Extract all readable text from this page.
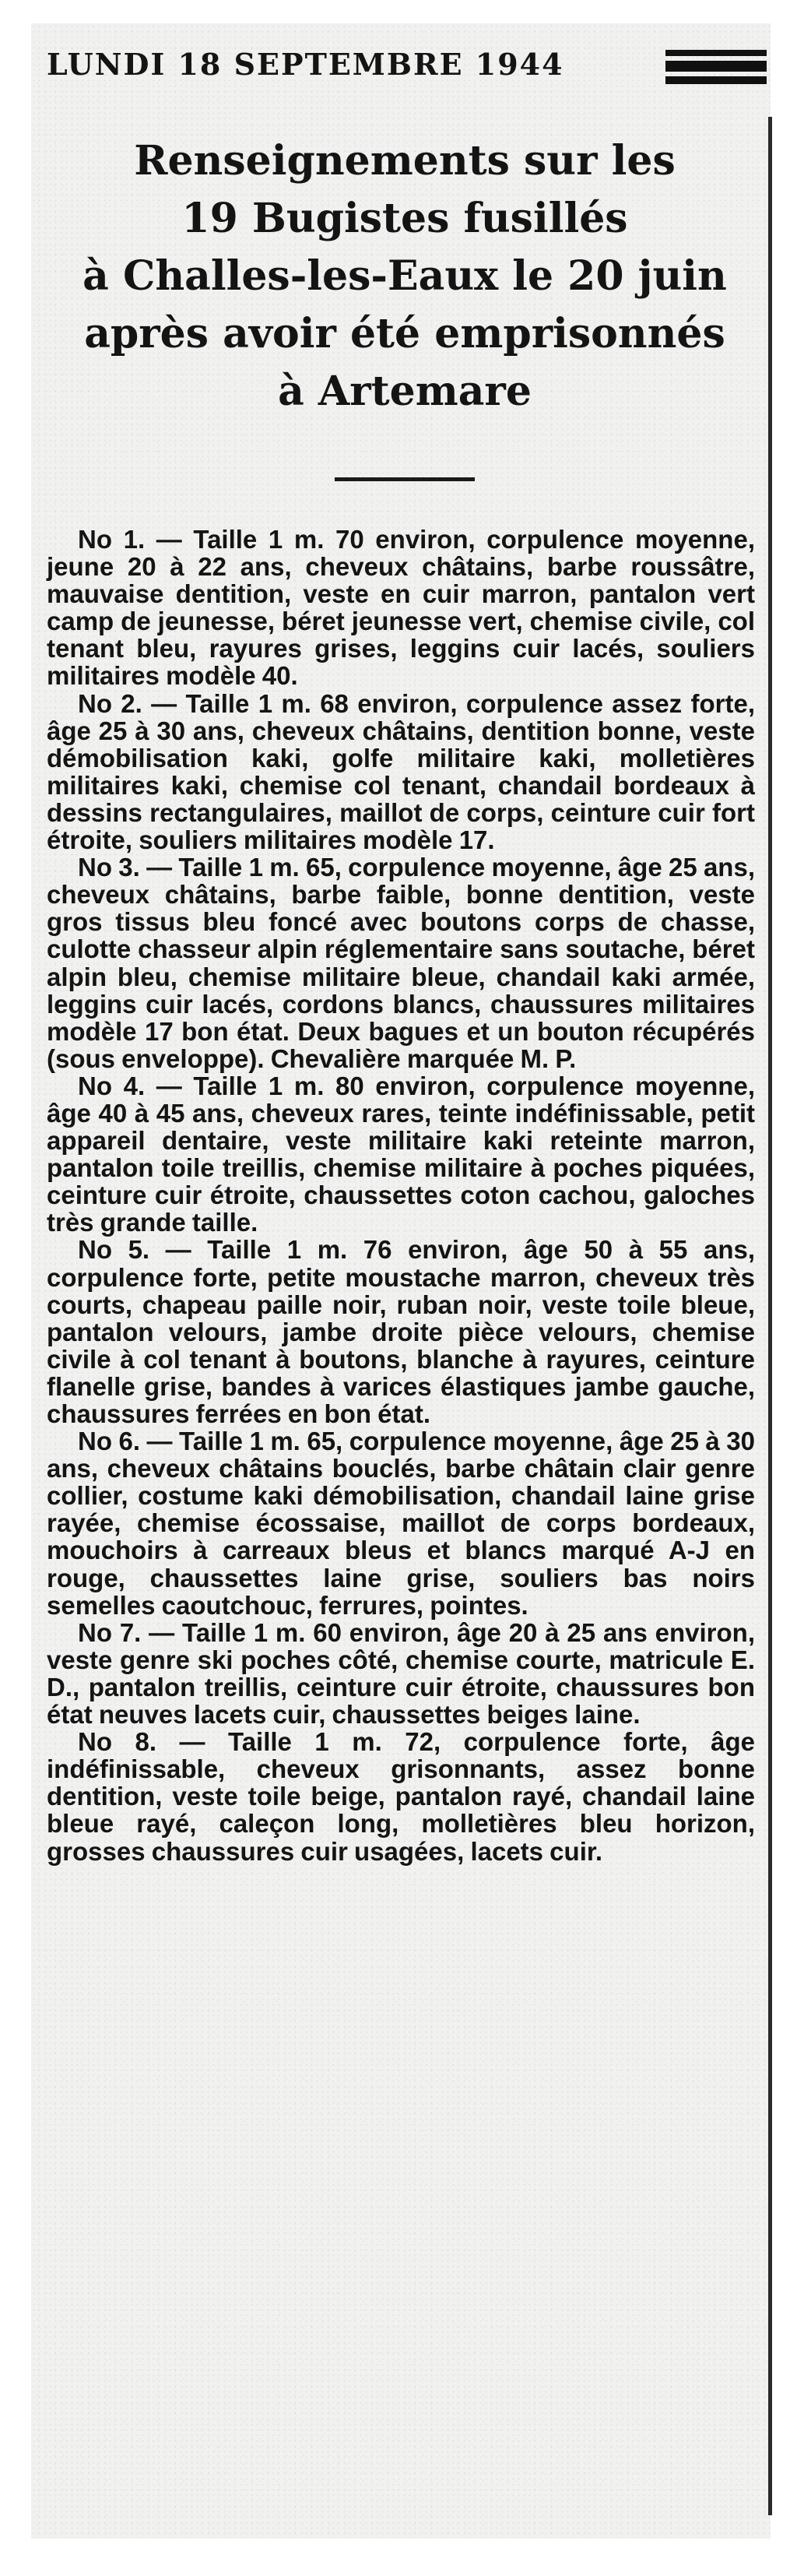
LUNDI 18 SEPTEMBRE 1944
Renseignements sur les
19 Bugistes fusillés
à Challes-les-Eaux le 20 juin
après avoir été emprisonnés
à Artemare

No 1. — Taille 1 m. 70 environ, corpulence moyenne, jeune 20 à 22 ans, cheveux châtains, barbe roussâtre, mauvaise dentition, veste en cuir marron, pantalon vert camp de jeunesse, béret jeunesse vert, chemise civile, col tenant bleu, rayures grises, leggins cuir lacés, souliers militaires modèle 40.

No 2. — Taille 1 m. 68 environ, corpulence assez forte, âge 25 à 30 ans, cheveux châtains, dentition bonne, veste démobilisation kaki, golfe militaire kaki, molletières militaires kaki, chemise col tenant, chandail bordeaux à dessins rectangulaires, maillot de corps, ceinture cuir fort étroite, souliers militaires modèle 17.

No 3. — Taille 1 m. 65, corpulence moyenne, âge 25 ans, cheveux châtains, barbe faible, bonne dentition, veste gros tissus bleu foncé avec boutons corps de chasse, culotte chasseur alpin réglementaire sans soutache, béret alpin bleu, chemise militaire bleue, chandail kaki armée, leggins cuir lacés, cordons blancs, chaussures militaires modèle 17 bon état. Deux bagues et un bouton récupérés (sous enveloppe). Chevalière marquée M. P.

No 4. — Taille 1 m. 80 environ, corpulence moyenne, âge 40 à 45 ans, cheveux rares, teinte indéfinissable, petit appareil dentaire, veste militaire kaki reteinte marron, pantalon toile treillis, chemise militaire à poches piquées, ceinture cuir étroite, chaussettes coton cachou, galoches très grande taille.

No 5. — Taille 1 m. 76 environ, âge 50 à 55 ans, corpulence forte, petite moustache marron, cheveux très courts, chapeau paille noir, ruban noir, veste toile bleue, pantalon velours, jambe droite pièce velours, chemise civile à col tenant à boutons, blanche à rayures, ceinture flanelle grise, bandes à varices élastiques jambe gauche, chaussures ferrées en bon état.

No 6. — Taille 1 m. 65, corpulence moyenne, âge 25 à 30 ans, cheveux châtains bouclés, barbe châtain clair genre collier, costume kaki démobilisation, chandail laine grise rayée, chemise écossaise, maillot de corps bordeaux, mouchoirs à carreaux bleus et blancs marqué A-J en rouge, chaussettes laine grise, souliers bas noirs semelles caoutchouc, ferrures, pointes.

No 7. — Taille 1 m. 60 environ, âge 20 à 25 ans environ, veste genre ski poches côté, chemise courte, matricule E. D., pantalon treillis, ceinture cuir étroite, chaussures bon état neuves lacets cuir, chaussettes beiges laine.

No 8. — Taille 1 m. 72, corpulence forte, âge indéfinissable, cheveux grisonnants, assez bonne dentition, veste toile beige, pantalon rayé, chandail laine bleue rayé, caleçon long, molletières bleu horizon, grosses chaussures cuir usagées, lacets cuir.
